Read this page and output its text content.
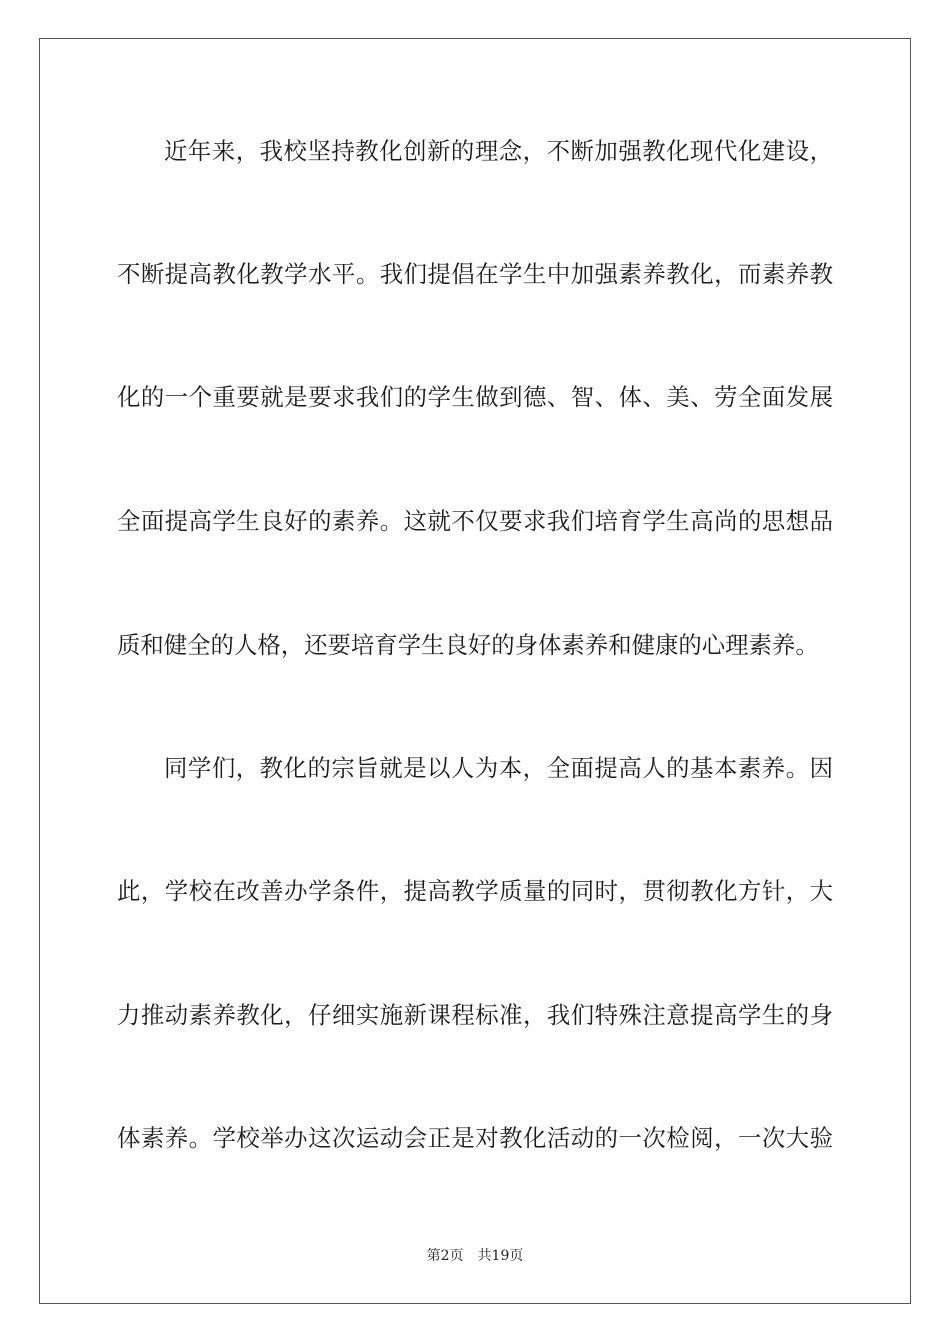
近年来，我校坚持教化创新的理念，不断加强教化现代化建设，
不断提高教化教学水平。我们提倡在学生中加强素养教化，而素养教
化的一个重要就是要求我们的学生做到德、智、体、美、劳全面发展
全面提高学生良好的素养。这就不仅要求我们培育学生高尚的思想品
质和健全的人格，还要培育学生良好的身体素养和健康的心理素养。
同学们，教化的宗旨就是以人为本，全面提高人的基本素养。因
此，学校在改善办学条件，提高教学质量的同时，贯彻教化方针，大
力推动素养教化，仔细实施新课程标准，我们特殊注意提高学生的身
体素养。学校举办这次运动会正是对教化活动的一次检阅，一次大验
第2页 共19页
